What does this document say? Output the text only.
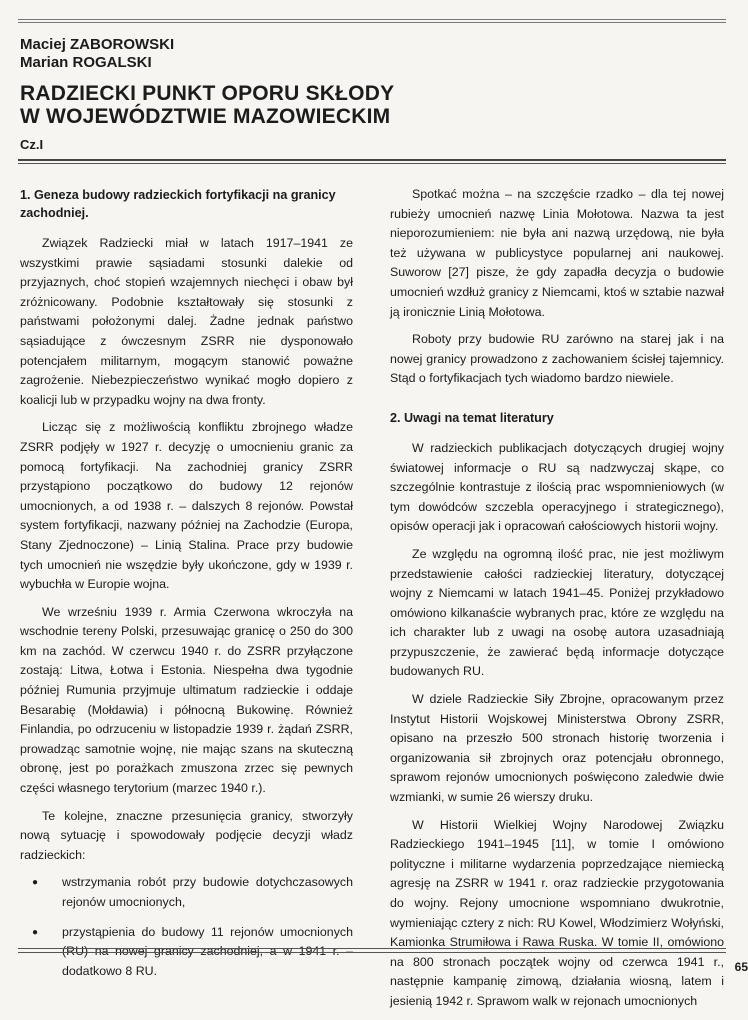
Maciej ZABOROWSKI
Marian ROGALSKI
RADZIECKI PUNKT OPORU SKŁODY
W WOJEWÓDZTWIE MAZOWIECKIM
Cz.I
1. Geneza budowy radzieckich fortyfikacji na granicy zachodniej.

Związek Radziecki miał w latach 1917–1941 ze wszystkimi prawie sąsiadami stosunki dalekie od przyjaznych, choć stopień wzajemnych niechęci i obaw był zróżnicowany. Podobnie kształtowały się stosunki z państwami położonymi dalej. Żadne jednak państwo sąsiadujące z ówczesnym ZSRR nie dysponowało potencjałem militarnym, mogącym stanowić poważne zagrożenie. Niebezpieczeństwo wynikać mogło dopiero z koalicji lub w przypadku wojny na dwa fronty.

Licząc się z możliwością konfliktu zbrojnego władze ZSRR podjęły w 1927 r. decyzję o umocnieniu granic za pomocą fortyfikacji. Na zachodniej granicy ZSRR przystąpiono początkowo do budowy 12 rejonów umocnionych, a od 1938 r. – dalszych 8 rejonów. Powstał system fortyfikacji, nazwany później na Zachodzie (Europa, Stany Zjednoczone) – Linią Stalina. Prace przy budowie tych umocnień nie wszędzie były ukończone, gdy w 1939 r. wybuchła w Europie wojna.

We wrześniu 1939 r. Armia Czerwona wkroczyła na wschodnie tereny Polski, przesuwając granicę o 250 do 300 km na zachód. W czerwcu 1940 r. do ZSRR przyłączone zostają: Litwa, Łotwa i Estonia. Niespełna dwa tygodnie później Rumunia przyjmuje ultimatum radzieckie i oddaje Besarabię (Mołdawia) i północną Bukowinę. Również Finlandia, po odrzuceniu w listopadzie 1939 r. żądań ZSRR, prowadząc samotnie wojnę, nie mając szans na skuteczną obronę, jest po porażkach zmuszona zrzec się pewnych części własnego terytorium (marzec 1940 r.).

Te kolejne, znaczne przesunięcia granicy, stworzyły nową sytuację i spowodowały podjęcie decyzji władz radzieckich:

● wstrzymania robót przy budowie dotychczasowych rejonów umocnionych,
● przystąpienia do budowy 11 rejonów umocnionych (RU) na nowej granicy zachodniej, a w 1941 r. – dodatkowo 8 RU.

Spotkać można – na szczęście rzadko – dla tej nowej rubieży umocnień nazwę Linia Mołotowa. Nazwa ta jest nieporozumieniem: nie była ani nazwą urzędową, nie była też używana w publicystyce popularnej ani naukowej. Suworow [27] pisze, że gdy zapadła decyzja o budowie umocnień wzdłuż granicy z Niemcami, ktoś w sztabie nazwał ją ironicznie Linią Mołotowa.

Roboty przy budowie RU zarówno na starej jak i na nowej granicy prowadzono z zachowaniem ścisłej tajemnicy. Stąd o fortyfikacjach tych wiadomo bardzo niewiele.

2. Uwagi na temat literatury

W radzieckich publikacjach dotyczących drugiej wojny światowej informacje o RU są nadzwyczaj skąpe, co szczególnie kontrastuje z ilością prac wspomnieniowych (w tym dowódców szczebla operacyjnego i strategicznego), opisów operacji jak i opracowań całościowych historii wojny.

Ze względu na ogromną ilość prac, nie jest możliwym przedstawienie całości radzieckiej literatury, dotyczącej wojny z Niemcami w latach 1941–45. Poniżej przykładowo omówiono kilkanaście wybranych prac, które ze względu na ich charakter lub z uwagi na osobę autora uzasadniają przypuszczenie, że zawierać będą informacje dotyczące budowanych RU.

W dziele Radzieckie Siły Zbrojne, opracowanym przez Instytut Historii Wojskowej Ministerstwa Obrony ZSRR, opisano na przeszło 500 stronach historię tworzenia i organizowania sił zbrojnych oraz potencjału obronnego, sprawom rejonów umocnionych poświęcono zaledwie dwie wzmianki, w sumie 26 wierszy druku.

W Historii Wielkiej Wojny Narodowej Związku Radzieckiego 1941–1945 [11], w tomie I omówiono polityczne i militarne wydarzenia poprzedzające niemiecką agresję na ZSRR w 1941 r. oraz radzieckie przygotowania do wojny. Rejony umocnione wspomniano dwukrotnie, wymieniając cztery z nich: RU Kowel, Włodzimierz Wołyński, Kamionka Strumiłowa i Rawa Ruska. W tomie II, omówiono na 800 stronach początek wojny od czerwca 1941 r., następnie kampanię zimową, działania wiosną, latem i jesienią 1942 r. Sprawom walk w rejonach umocnionych

65
